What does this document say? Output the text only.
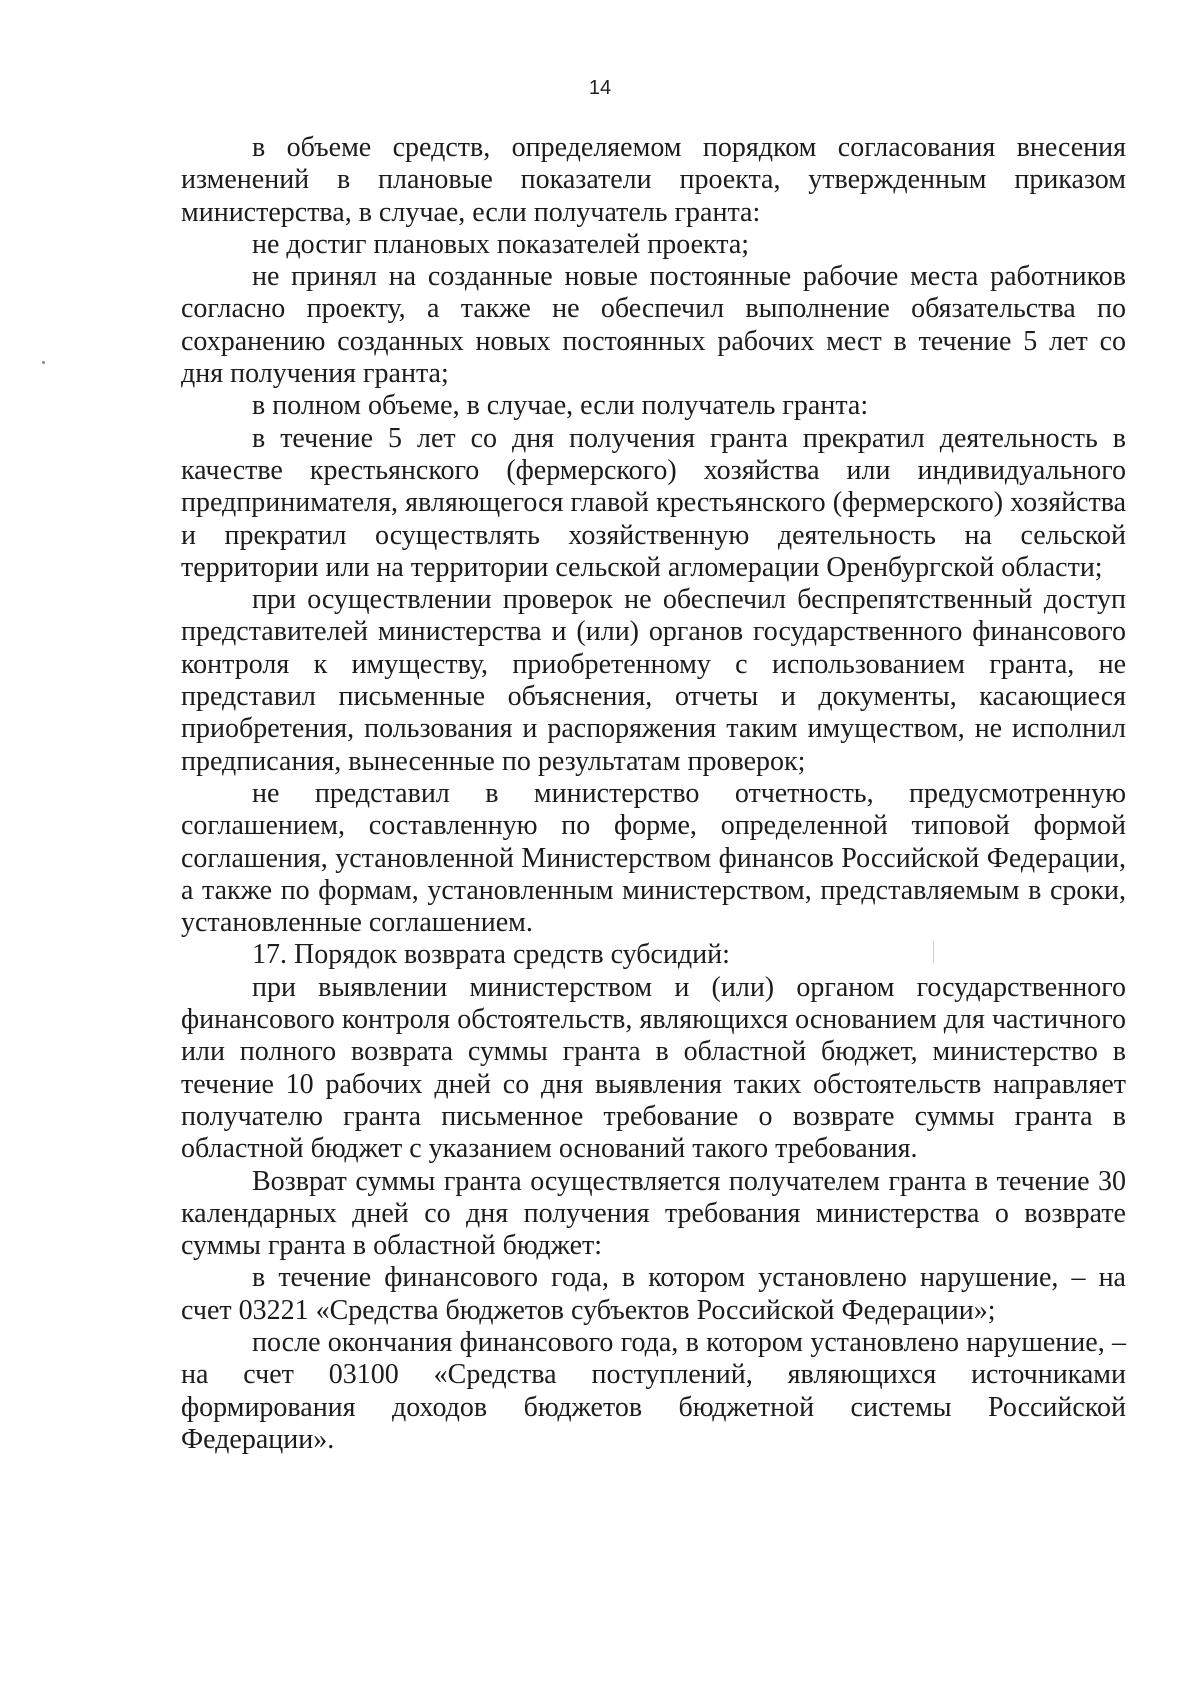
14

в объеме средств, определяемом порядком согласования внесения изменений в плановые показатели проекта, утвержденным приказом министерства, в случае, если получатель гранта:

не достиг плановых показателей проекта;

не принял на созданные новые постоянные рабочие места работников согласно проекту, а также не обеспечил выполнение обязательства по сохранению созданных новых постоянных рабочих мест в течение 5 лет со дня получения гранта;

в полном объеме, в случае, если получатель гранта:

в течение 5 лет со дня получения гранта прекратил деятельность в качестве крестьянского (фермерского) хозяйства или индивидуального предпринимателя, являющегося главой крестьянского (фермерского) хозяйства и прекратил осуществлять хозяйственную деятельность на сельской территории или на территории сельской агломерации Оренбургской области;

при осуществлении проверок не обеспечил беспрепятственный доступ представителей министерства и (или) органов государственного финансового контроля к имуществу, приобретенному с использованием гранта, не представил письменные объяснения, отчеты и документы, касающиеся приобретения, пользования и распоряжения таким имуществом, не исполнил предписания, вынесенные по результатам проверок;

не представил в министерство отчетность, предусмотренную соглашением, составленную по форме, определенной типовой формой соглашения, установленной Министерством финансов Российской Федерации, а также по формам, установленным министерством, представляемым в сроки, установленные соглашением.

17. Порядок возврата средств субсидий:

при выявлении министерством и (или) органом государственного финансового контроля обстоятельств, являющихся основанием для частичного или полного возврата суммы гранта в областной бюджет, министерство в течение 10 рабочих дней со дня выявления таких обстоятельств направляет получателю гранта письменное требование о возврате суммы гранта в областной бюджет с указанием оснований такого требования.

Возврат суммы гранта осуществляется получателем гранта в течение 30 календарных дней со дня получения требования министерства о возврате суммы гранта в областной бюджет:

в течение финансового года, в котором установлено нарушение, – на счет 03221 «Средства бюджетов субъектов Российской Федерации»;

после окончания финансового года, в котором установлено нарушение, – на счет 03100 «Средства поступлений, являющихся источниками формирования доходов бюджетов бюджетной системы Российской Федерации».
